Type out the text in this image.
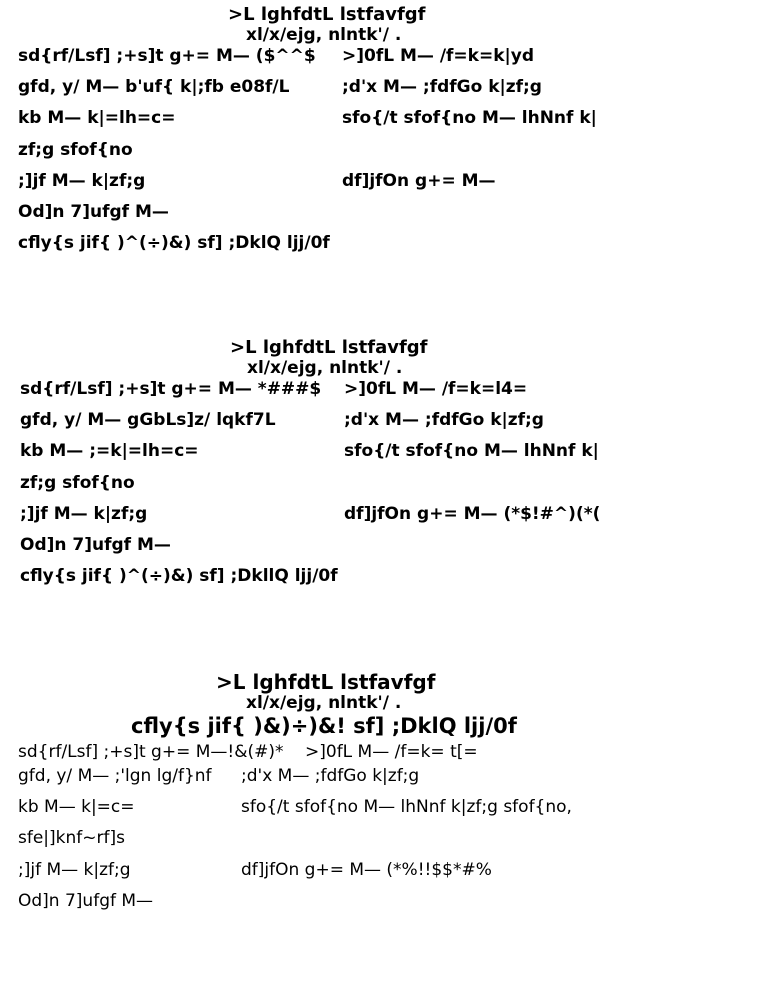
>L lghfdtL lstfavfgf
xl/x/ejg, nlntk'/ .
sd{rf/Lsf] ;+s]t g+= M— ($^^$ >]0fL M— /f=k=k|yd
gfd, y/ M— b'uf{ k|;fb e08f/L	;d'x M— ;fdfGo k|zf;g
kb M— k|=lh=c=	sfo{/t sfof{no M— lhNnf k|
zf;g sfof{no
;]jf M— k|zf;g	df]jfOn g+= M—
Od]n 7]ufgf M—
cfly{s jif{ )^(÷)&) sf] ;DklQ ljj/0f
>L lghfdtL lstfavfgf
xl/x/ejg, nlntk'/ .
sd{rf/Lsf] ;+s]t g+= M— *###$ >]0fL M— /f=k=l4=
gfd, y/ M— gGbLs]z/ lqkf7L	;d'x M— ;fdfGo k|zf;g
kb M— ;=k|=lh=c=	sfo{/t sfof{no M— lhNnf k|
zf;g sfof{no
;]jf M— k|zf;g	df]jfOn g+= M— (*$!#^)(*(
Od]n 7]ufgf M—
cfly{s jif{ )^(÷)&) sf] ;DkllQ ljj/0f
>L lghfdtL lstfavfgf
xl/x/ejg, nlntk'/ .
cfly{s jif{ )&)÷)&! sf] ;DklQ ljj/0f
sd{rf/Lsf] ;+s]t g+= M—!&(#)* >]0fL M— /f=k= t[=
gfd, y/ M— ;'lgn lg/f}nf ;d'x M— ;fdfGo k|zf;g
kb M— k|=c=	sfo{/t sfof{no M— lhNnf k|zf;g sfof{no,
sfe|]knf~rf]s
;]jf M— k|zf;g	df]jfOn g+= M— (*%!!$$*#%
Od]n 7]ufgf M—
